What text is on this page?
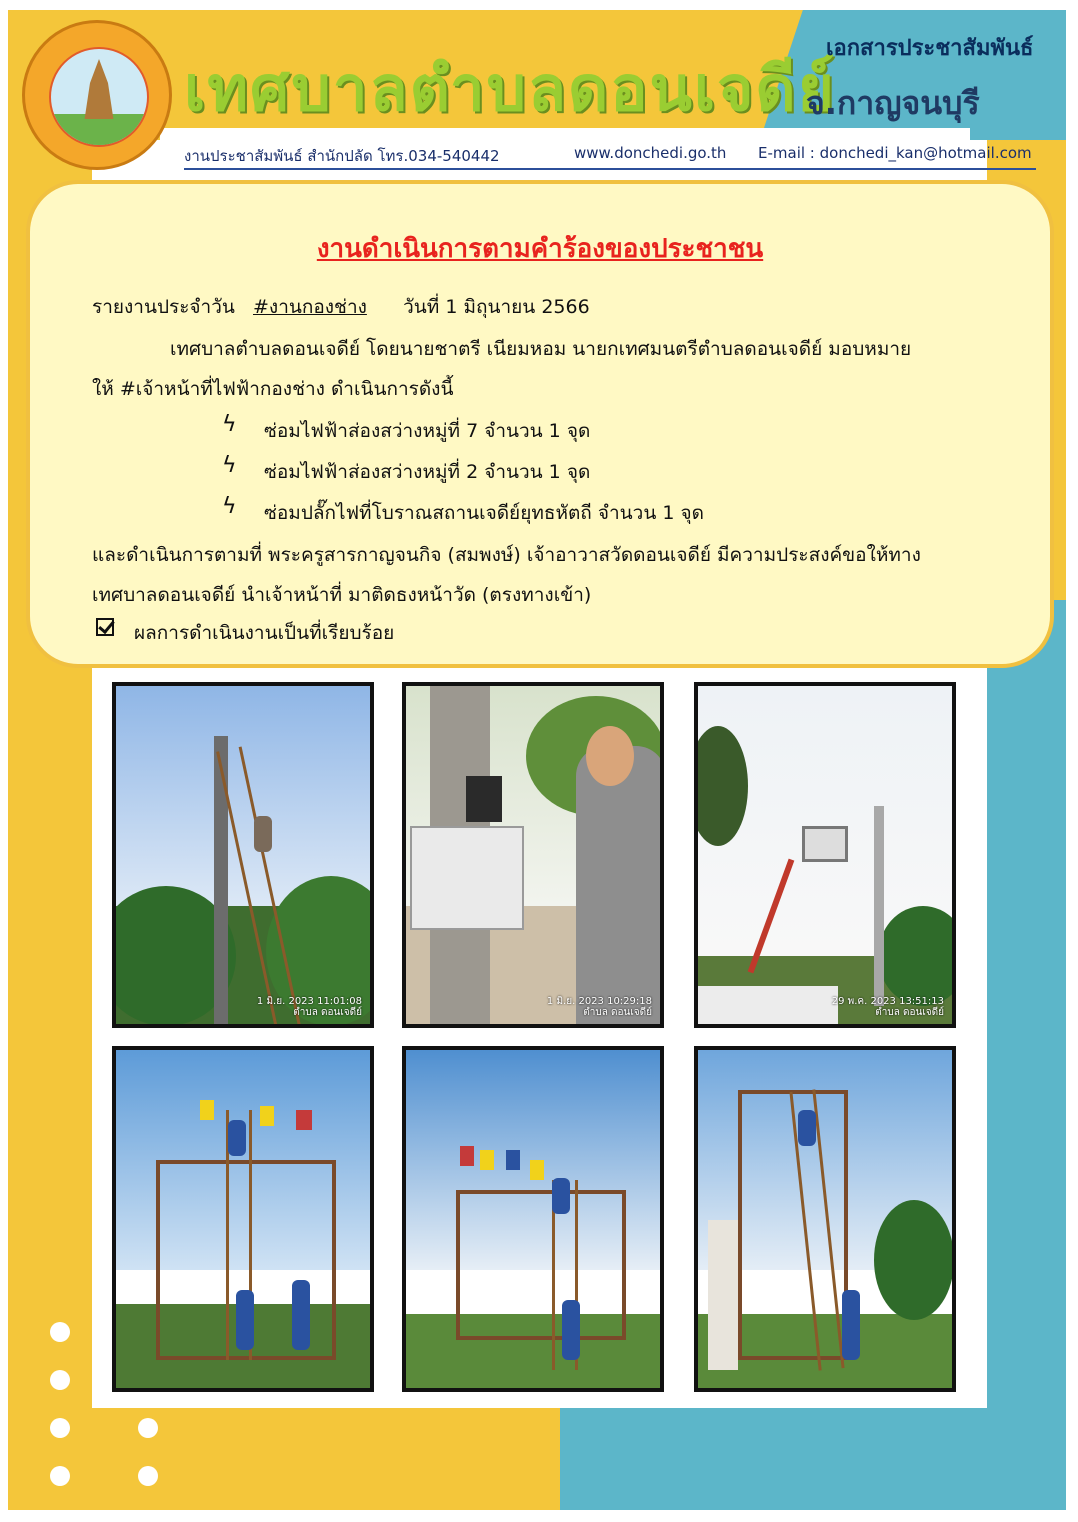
เทศบาลตำบลดอนเจดีย์
เอกสารประชาสัมพันธ์
จ.กาญจนบุรี
งานประชาสัมพันธ์ สำนักปลัด โทร.034-540442	www.donchedi.go.th E-mail : donchedi_kan@hotmail.com
งานดำเนินการตามคำร้องของประชาชน
รายงานประจำวัน #งานกองช่าง วันที่ 1 มิถุนายน 2566
เทศบาลตำบลดอนเจดีย์ โดยนายชาตรี เนียมหอม นายกเทศมนตรีตำบลดอนเจดีย์ มอบหมาย
ให้ #เจ้าหน้าที่ไฟฟ้ากองช่าง ดำเนินการดังนี้
ϟ ซ่อมไฟฟ้าส่องสว่างหมู่ที่ 7 จำนวน 1 จุด
ϟ ซ่อมไฟฟ้าส่องสว่างหมู่ที่ 2 จำนวน 1 จุด
ϟ ซ่อมปลั๊กไฟที่โบราณสถานเจดีย์ยุทธหัตถี จำนวน 1 จุด
และดำเนินการตามที่ พระครูสารกาญจนกิจ (สมพงษ์) เจ้าอาวาสวัดดอนเจดีย์ มีความประสงค์ขอให้ทาง
เทศบาลดอนเจดีย์ นำเจ้าหน้าที่ มาติดธงหน้าวัด (ตรงทางเข้า)
ผลการดำเนินงานเป็นที่เรียบร้อย
1 มิ.ย. 2023 11:01:08
ตำบล ดอนเจดีย์
1 มิ.ย. 2023 10:29:18
ตำบล ดอนเจดีย์
29 พ.ค. 2023 13:51:13
ตำบล ดอนเจดีย์
